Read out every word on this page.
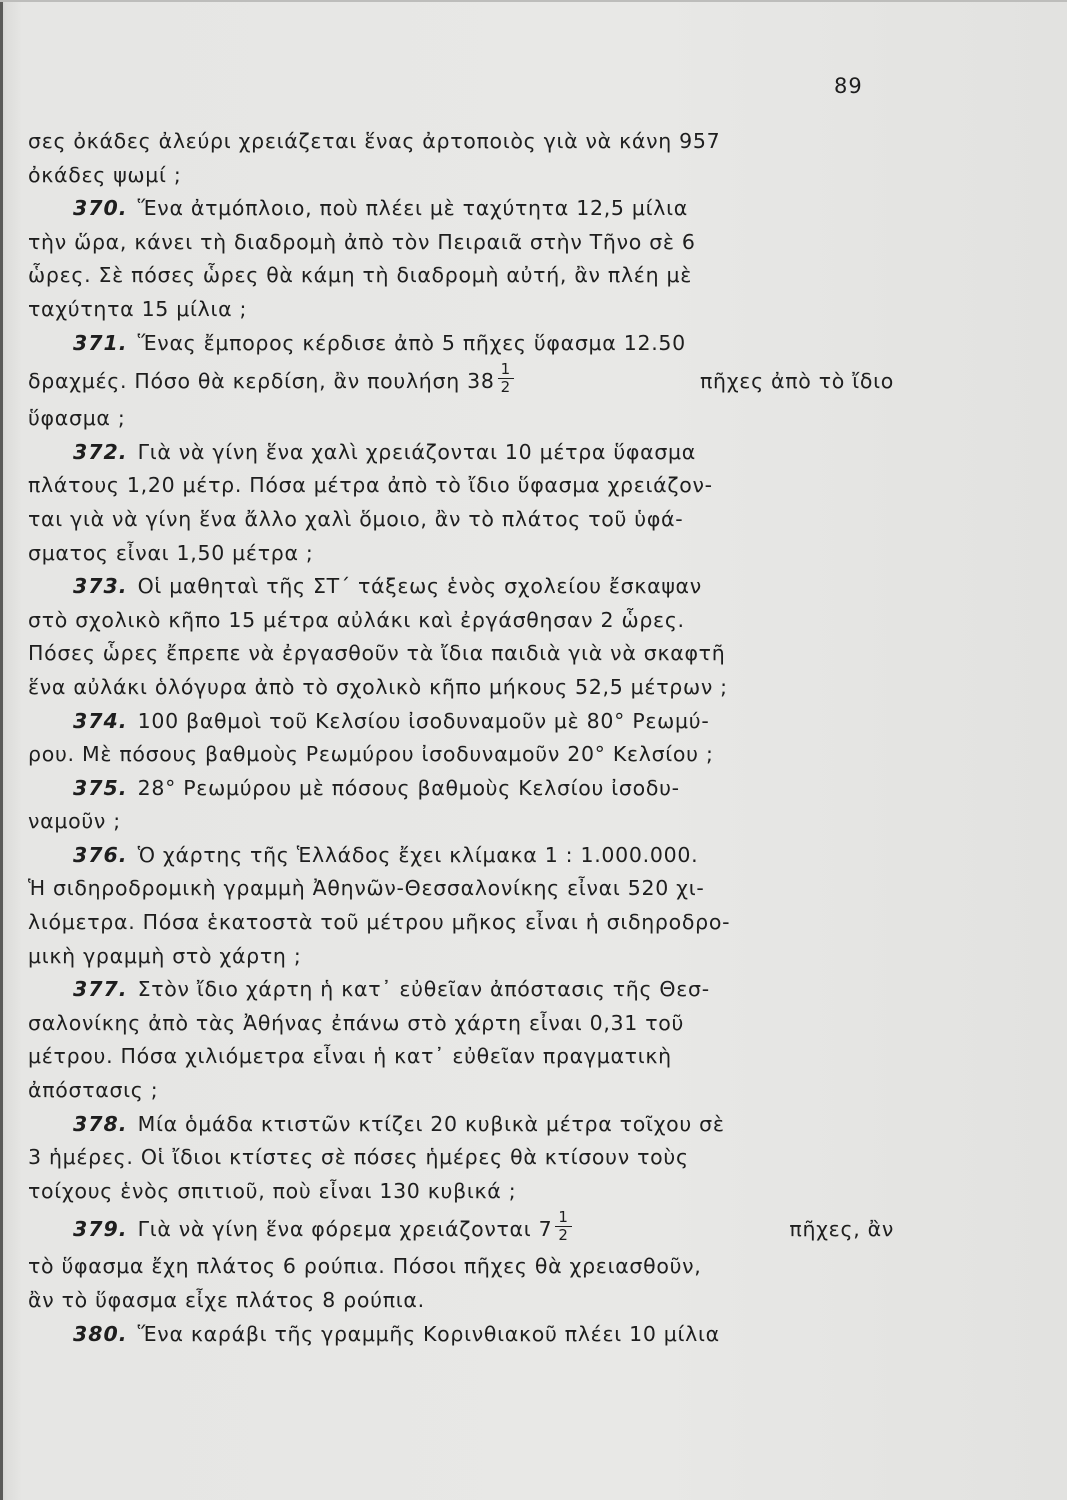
89
σες ὀκάδες ἀλεύρι χρειάζεται ἕνας ἀρτοποιὸς γιὰ νὰ κάνη 957
ὀκάδες ψωμί ;
370. Ἕνα ἀτμόπλοιο, ποὺ πλέει μὲ ταχύτητα 12,5 μίλια
τὴν ὥρα, κάνει τὴ διαδρομὴ ἀπὸ τὸν Πειραιᾶ στὴν Τῆνο σὲ 6
ὧρες. Σὲ πόσες ὧρες θὰ κάμη τὴ διαδρομὴ αὐτή, ἂν πλέη μὲ
ταχύτητα 15 μίλια ;
371. Ἕνας ἔμπορος κέρδισε ἀπὸ 5 πῆχες ὕφασμα 12.50
δραχμές. Πόσο θὰ κερδίση, ἂν πουλήση $38 \frac{1}{2}$	πῆχες ἀπὸ τὸ ἴδιο
ὕφασμα ;
372. Γιὰ νὰ γίνη ἕνα χαλὶ χρειάζονται 10 μέτρα ὕφασμα
πλάτους 1,20 μέτρ. Πόσα μέτρα ἀπὸ τὸ ἴδιο ὕφασμα χρειάζον-
ται γιὰ νὰ γίνη ἕνα ἄλλο χαλὶ ὅμοιο, ἂν τὸ πλάτος τοῦ ὑφά-
σματος εἶναι 1,50 μέτρα ;
373. Οἱ μαθηταὶ τῆς ΣΤ΄ τάξεως ἑνὸς σχολείου ἔσκαψαν
στὸ σχολικὸ κῆπο 15 μέτρα αὐλάκι καὶ ἐργάσθησαν 2 ὧρες.
Πόσες ὧρες ἔπρεπε νὰ ἐργασθοῦν τὰ ἴδια παιδιὰ γιὰ νὰ σκαφτῆ
ἕνα αὐλάκι ὁλόγυρα ἀπὸ τὸ σχολικὸ κῆπο μήκους 52,5 μέτρων ;
374. 100 βαθμοὶ τοῦ Κελσίου ἰσοδυναμοῦν μὲ 80° Ρεωμύ-
ρου. Μὲ πόσους βαθμοὺς Ρεωμύρου ἰσοδυναμοῦν 20° Κελσίου ;
375. 28° Ρεωμύρου μὲ πόσους βαθμοὺς Κελσίου ἰσοδυ-
ναμοῦν ;
376. Ὁ χάρτης τῆς Ἑλλάδος ἔχει κλίμακα 1 : 1.000.000.
Ἡ σιδηροδρομικὴ γραμμὴ Ἀθηνῶν-Θεσσαλονίκης εἶναι 520 χι-
λιόμετρα. Πόσα ἑκατοστὰ τοῦ μέτρου μῆκος εἶναι ἡ σιδηροδρο-
μικὴ γραμμὴ στὸ χάρτη ;
377. Στὸν ἴδιο χάρτη ἡ κατ᾽ εὐθεῖαν ἀπόστασις τῆς Θεσ-
σαλονίκης ἀπὸ τὰς Ἀθήνας ἐπάνω στὸ χάρτη εἶναι 0,31 τοῦ
μέτρου. Πόσα χιλιόμετρα εἶναι ἡ κατ᾽ εὐθεῖαν πραγματικὴ
ἀπόστασις ;
378. Μία ὁμάδα κτιστῶν κτίζει 20 κυβικὰ μέτρα τοῖχου σὲ
3 ἡμέρες. Οἱ ἴδιοι κτίστες σὲ πόσες ἡμέρες θὰ κτίσουν τοὺς
τοίχους ἑνὸς σπιτιοῦ, ποὺ εἶναι 130 κυβικά ;
379. Γιὰ νὰ γίνη ἕνα φόρεμα χρειάζονται $7 \frac{1}{2}$	πῆχες, ἂν
τὸ ὕφασμα ἔχη πλάτος 6 ρούπια. Πόσοι πῆχες θὰ χρειασθοῦν,
ἂν τὸ ὕφασμα εἶχε πλάτος 8 ρούπια.
380. Ἕνα καράβι τῆς γραμμῆς Κορινθιακοῦ πλέει 10 μίλια
